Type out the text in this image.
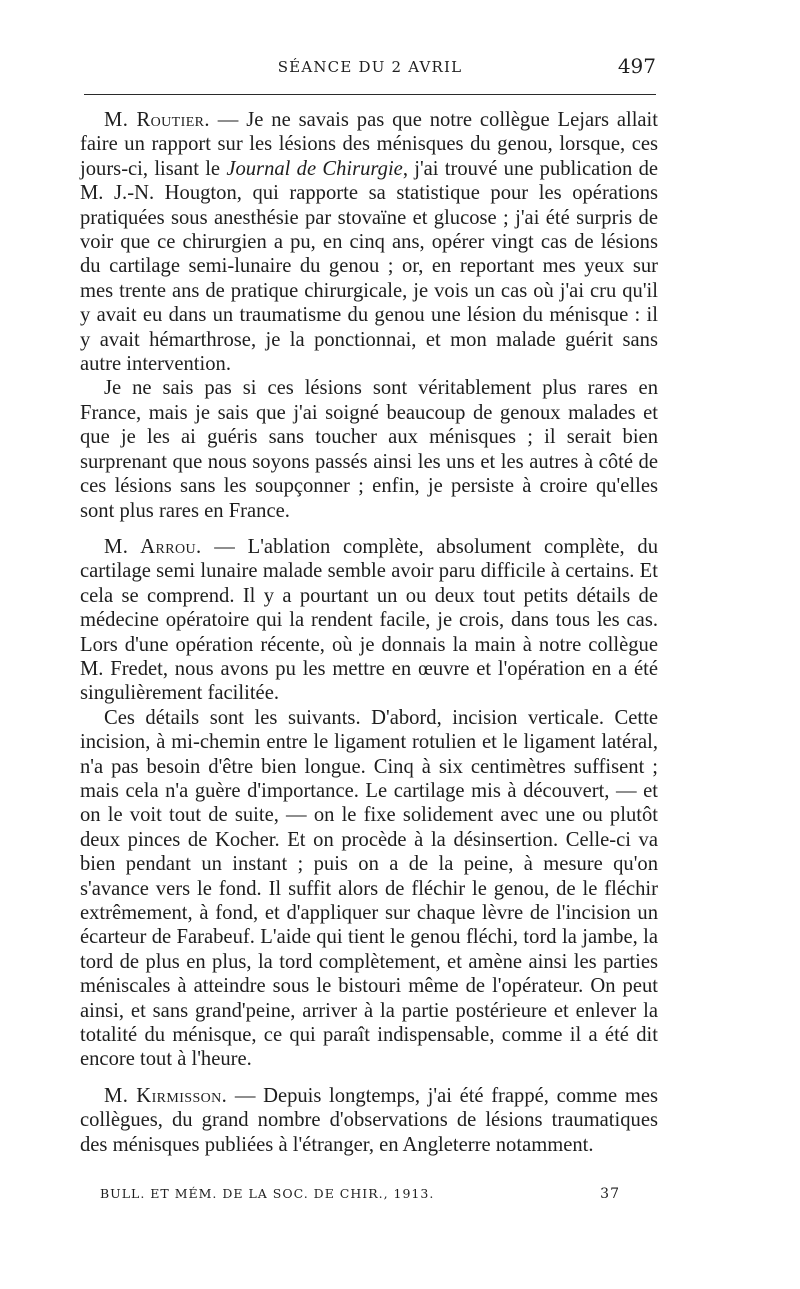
SÉANCE DU 2 AVRIL	497

M. Routier. — Je ne savais pas que notre collègue Lejars allait faire un rapport sur les lésions des ménisques du genou, lorsque, ces jours-ci, lisant le Journal de Chirurgie, j'ai trouvé une publication de M. J.-N. Hougton, qui rapporte sa statistique pour les opérations pratiquées sous anesthésie par stovaïne et glucose ; j'ai été surpris de voir que ce chirurgien a pu, en cinq ans, opérer vingt cas de lésions du cartilage semi-lunaire du genou ; or, en reportant mes yeux sur mes trente ans de pratique chirurgicale, je vois un cas où j'ai cru qu'il y avait eu dans un traumatisme du genou une lésion du ménisque : il y avait hémarthrose, je la ponctionnai, et mon malade guérit sans autre intervention.

Je ne sais pas si ces lésions sont véritablement plus rares en France, mais je sais que j'ai soigné beaucoup de genoux malades et que je les ai guéris sans toucher aux ménisques ; il serait bien surprenant que nous soyons passés ainsi les uns et les autres à côté de ces lésions sans les soupçonner ; enfin, je persiste à croire qu'elles sont plus rares en France.

M. Arrou. — L'ablation complète, absolument complète, du cartilage semi lunaire malade semble avoir paru difficile à certains. Et cela se comprend. Il y a pourtant un ou deux tout petits détails de médecine opératoire qui la rendent facile, je crois, dans tous les cas. Lors d'une opération récente, où je donnais la main à notre collègue M. Fredet, nous avons pu les mettre en œuvre et l'opération en a été singulièrement facilitée.

Ces détails sont les suivants. D'abord, incision verticale. Cette incision, à mi-chemin entre le ligament rotulien et le ligament latéral, n'a pas besoin d'être bien longue. Cinq à six centimètres suffisent ; mais cela n'a guère d'importance. Le cartilage mis à découvert, — et on le voit tout de suite, — on le fixe solidement avec une ou plutôt deux pinces de Kocher. Et on procède à la désinsertion. Celle-ci va bien pendant un instant ; puis on a de la peine, à mesure qu'on s'avance vers le fond. Il suffit alors de fléchir le genou, de le fléchir extrêmement, à fond, et d'appliquer sur chaque lèvre de l'incision un écarteur de Farabeuf. L'aide qui tient le genou fléchi, tord la jambe, la tord de plus en plus, la tord complètement, et amène ainsi les parties méniscales à atteindre sous le bistouri même de l'opérateur. On peut ainsi, et sans grand'peine, arriver à la partie postérieure et enlever la totalité du ménisque, ce qui paraît indispensable, comme il a été dit encore tout à l'heure.

M. Kirmisson. — Depuis longtemps, j'ai été frappé, comme mes collègues, du grand nombre d'observations de lésions traumatiques des ménisques publiées à l'étranger, en Angleterre notamment.

BULL. ET MÉM. DE LA SOC. DE CHIR., 1913.	37
